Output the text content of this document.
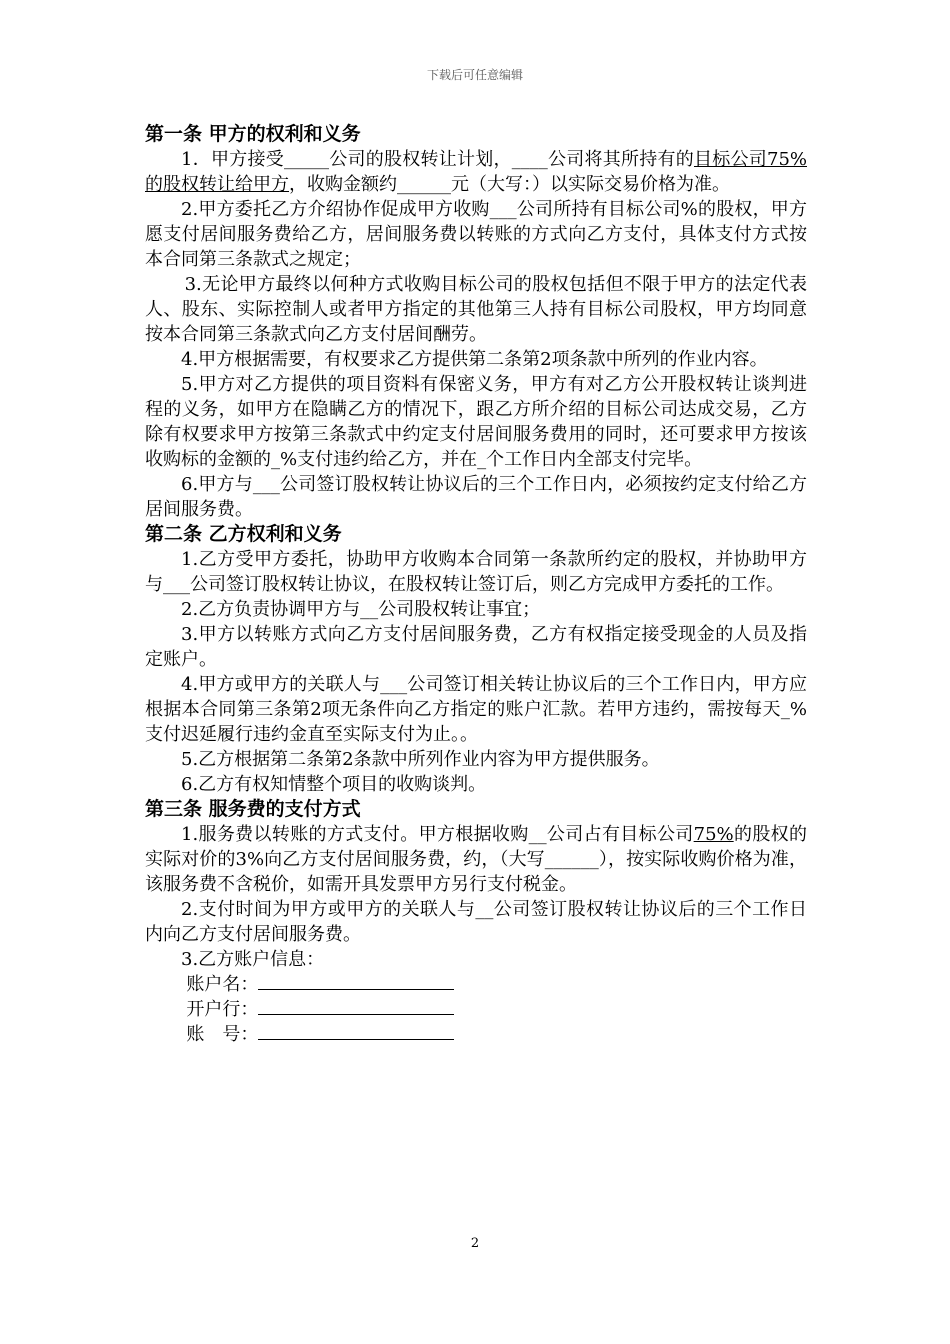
下载后可任意编辑

第一条 甲方的权利和义务

1．甲方接受_____公司的股权转让计划，____公司将其所持有的目标公司75%的股权转让给甲方，收购金额约______元（大写：）以实际交易价格为准。

2.甲方委托乙方介绍协作促成甲方收购___公司所持有目标公司%的股权，甲方愿支付居间服务费给乙方，居间服务费以转账的方式向乙方支付，具体支付方式按本合同第三条款式之规定；

3.无论甲方最终以何种方式收购目标公司的股权包括但不限于甲方的法定代表人、股东、实际控制人或者甲方指定的其他第三人持有目标公司股权，甲方均同意按本合同第三条款式向乙方支付居间酬劳。

4.甲方根据需要，有权要求乙方提供第二条第2项条款中所列的作业内容。

5.甲方对乙方提供的项目资料有保密义务，甲方有对乙方公开股权转让谈判进程的义务，如甲方在隐瞒乙方的情况下，跟乙方所介绍的目标公司达成交易，乙方除有权要求甲方按第三条款式中约定支付居间服务费用的同时，还可要求甲方按该收购标的金额的_%支付违约给乙方，并在_个工作日内全部支付完毕。

6.甲方与___公司签订股权转让协议后的三个工作日内，必须按约定支付给乙方居间服务费。

第二条 乙方权利和义务

1.乙方受甲方委托，协助甲方收购本合同第一条款所约定的股权，并协助甲方与___公司签订股权转让协议，在股权转让签订后，则乙方完成甲方委托的工作。

2.乙方负责协调甲方与__公司股权转让事宜；

3.甲方以转账方式向乙方支付居间服务费，乙方有权指定接受现金的人员及指定账户。

4.甲方或甲方的关联人与___公司签订相关转让协议后的三个工作日内，甲方应根据本合同第三条第2项无条件向乙方指定的账户汇款。若甲方违约，需按每天_%支付迟延履行违约金直至实际支付为止。。

5.乙方根据第二条第2条款中所列作业内容为甲方提供服务。

6.乙方有权知情整个项目的收购谈判。

第三条 服务费的支付方式

1.服务费以转账的方式支付。甲方根据收购__公司占有目标公司75%的股权的实际对价的3%向乙方支付居间服务费，约，（大写______），按实际收购价格为准，该服务费不含税价，如需开具发票甲方另行支付税金。

2.支付时间为甲方或甲方的关联人与__公司签订股权转让协议后的三个工作日内向乙方支付居间服务费。

3.乙方账户信息：

账户名：

开户行：

账　号：

2
